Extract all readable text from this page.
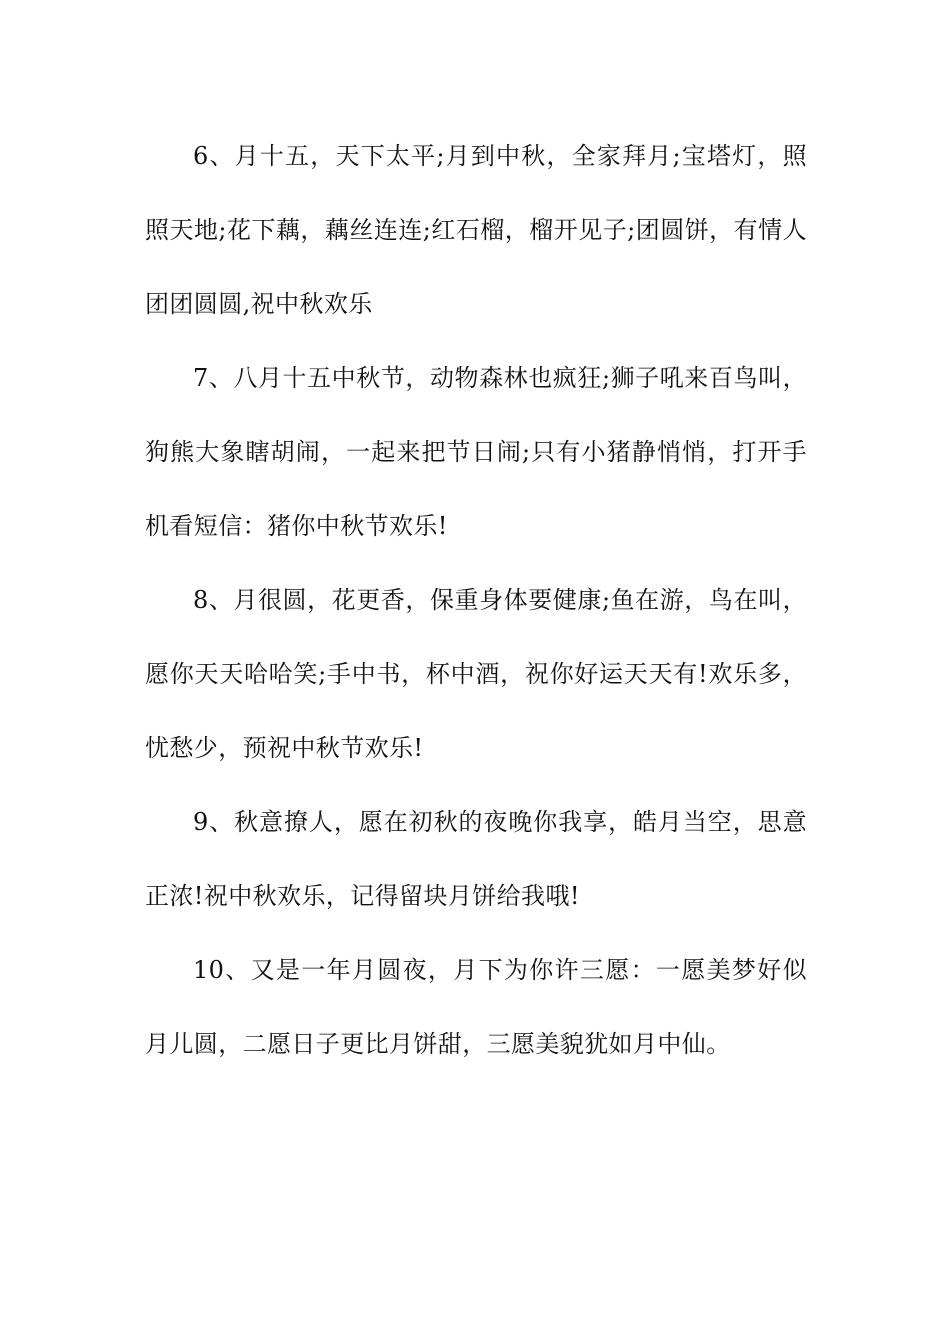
6、月十五，天下太平;月到中秋，全家拜月;宝塔灯，照照天地;花下藕，藕丝连连;红石榴，榴开见子;团圆饼，有情人团团圆圆,祝中秋欢乐

7、八月十五中秋节，动物森林也疯狂;狮子吼来百鸟叫，狗熊大象瞎胡闹，一起来把节日闹;只有小猪静悄悄，打开手机看短信：猪你中秋节欢乐!

8、月很圆，花更香，保重身体要健康;鱼在游，鸟在叫，愿你天天哈哈笑;手中书，杯中酒，祝你好运天天有!欢乐多，忧愁少，预祝中秋节欢乐!

9、秋意撩人，愿在初秋的夜晚你我享，皓月当空，思意正浓!祝中秋欢乐，记得留块月饼给我哦!

10、又是一年月圆夜，月下为你许三愿：一愿美梦好似月儿圆，二愿日子更比月饼甜，三愿美貌犹如月中仙。
